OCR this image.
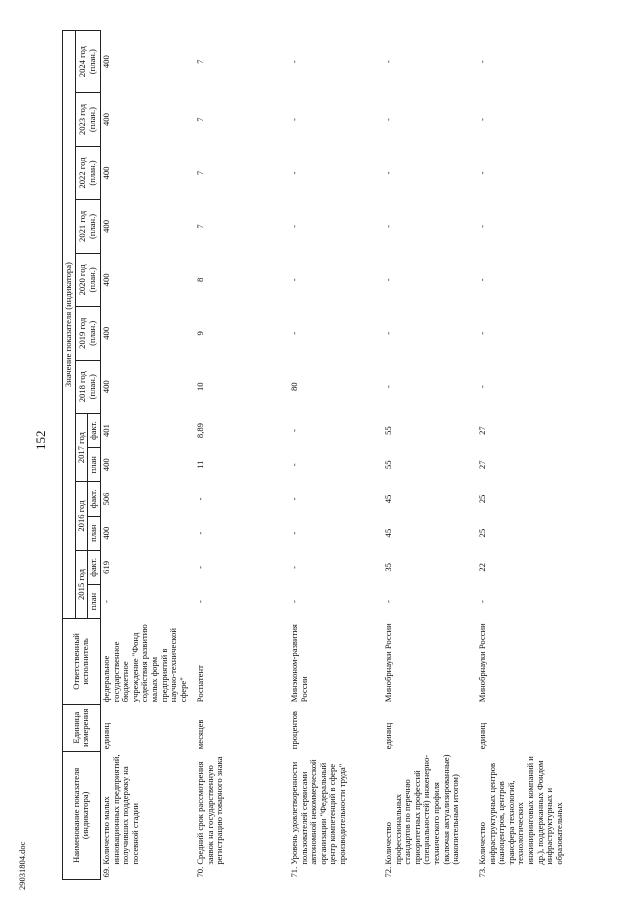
152
29031804.doc
Наименование показателя (индикатора)		Единица измерения	Ответственный исполнитель	Значение показателя (индикатора)												
				2015 год		2016 год		2017 год		2018 год (план.)	2019 год (план.)	2020 год (план.)	2021 год (план.)	2022 год (план.)	2023 год (план.)	2024 год (план.)
				план	факт.	план	факт.	план	факт.							
69.	Количество малых инновационных предприятий, получивших поддержку на посевной стадии	единиц	федеральное государственное бюджетное учреждение "Фонд содействия развитию малых форм предприятий в научно-технической сфере"	-	619	400	506	400	401	400	400	400	400	400	400	400
70.	Средний срок рассмотрения заявок на государственную регистрацию товарного знака	месяцев	Роспатент	-	-	-	-	11	8,89	10	9	8	7	7	7	7
71.	Уровень удовлетворенности пользователей сервисами автономной некоммерческой организации "Федеральный центр компетенций в сфере производительности труда"	процентов	Минэконом-развития России	-	-	-	-	-	-	80	-	-	-	-	-	-
72.	Количество профессиональных стандартов по перечню приоритетных профессий (специальностей) инженерно-технического профиля (включая актуализированные) (накопительным итогом)	единиц	Минобрнауки России	-	35	45	45	55	55	-	-	-	-	-	-	-
73.	Количество инфраструктурных центров (наноцентров, центров трансфера технологий, технологических инжиниринговых компаний и др.), поддержанных Фондом инфраструктурных и образовательных	единиц	Минобрнауки России	-	22	25	25	27	27	-	-	-	-	-	-	-
